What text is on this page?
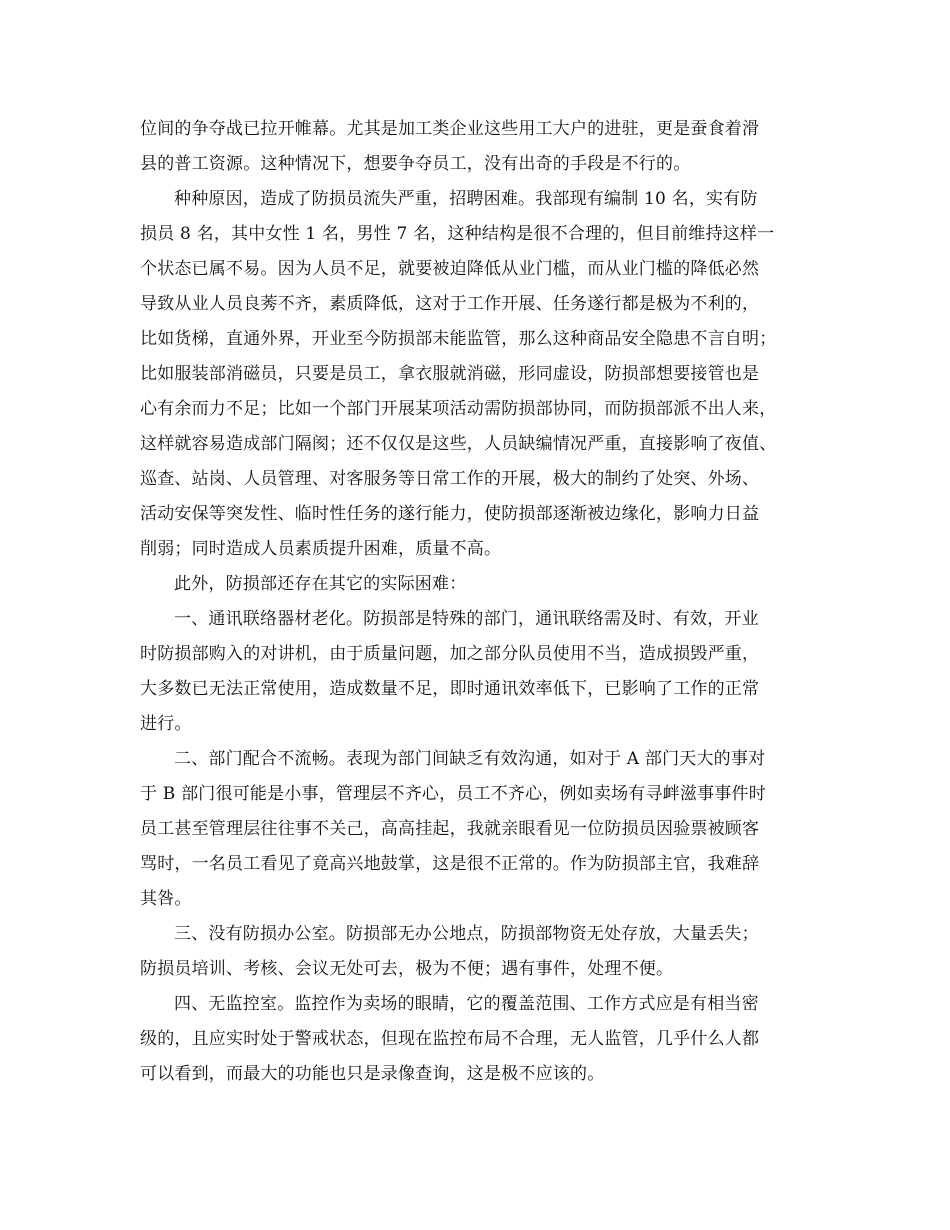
位间的争夺战已拉开帷幕。尤其是加工类企业这些用工大户的进驻，更是蚕食着滑
县的普工资源。这种情况下，想要争夺员工，没有出奇的手段是不行的。
种种原因，造成了防损员流失严重，招聘困难。我部现有编制 10 名，实有防
损员 8 名，其中女性 1 名，男性 7 名，这种结构是很不合理的，但目前维持这样一
个状态已属不易。因为人员不足，就要被迫降低从业门槛，而从业门槛的降低必然
导致从业人员良莠不齐，素质降低，这对于工作开展、任务遂行都是极为不利的，
比如货梯，直通外界，开业至今防损部未能监管，那么这种商品安全隐患不言自明；
比如服装部消磁员，只要是员工，拿衣服就消磁，形同虚设，防损部想要接管也是
心有余而力不足；比如一个部门开展某项活动需防损部协同，而防损部派不出人来，
这样就容易造成部门隔阂；还不仅仅是这些，人员缺编情况严重，直接影响了夜值、
巡查、站岗、人员管理、对客服务等日常工作的开展，极大的制约了处突、外场、
活动安保等突发性、临时性任务的遂行能力，使防损部逐渐被边缘化，影响力日益
削弱；同时造成人员素质提升困难，质量不高。
此外，防损部还存在其它的实际困难：
一、通讯联络器材老化。防损部是特殊的部门，通讯联络需及时、有效，开业
时防损部购入的对讲机，由于质量问题，加之部分队员使用不当，造成损毁严重，
大多数已无法正常使用，造成数量不足，即时通讯效率低下，已影响了工作的正常
进行。
二、部门配合不流畅。表现为部门间缺乏有效沟通，如对于 A 部门天大的事对
于 B 部门很可能是小事，管理层不齐心，员工不齐心，例如卖场有寻衅滋事事件时
员工甚至管理层往往事不关己，高高挂起，我就亲眼看见一位防损员因验票被顾客
骂时，一名员工看见了竟高兴地鼓掌，这是很不正常的。作为防损部主官，我难辞
其咎。
三、没有防损办公室。防损部无办公地点，防损部物资无处存放，大量丢失；
防损员培训、考核、会议无处可去，极为不便；遇有事件，处理不便。
四、无监控室。监控作为卖场的眼睛，它的覆盖范围、工作方式应是有相当密
级的，且应实时处于警戒状态，但现在监控布局不合理，无人监管，几乎什么人都
可以看到，而最大的功能也只是录像查询，这是极不应该的。
